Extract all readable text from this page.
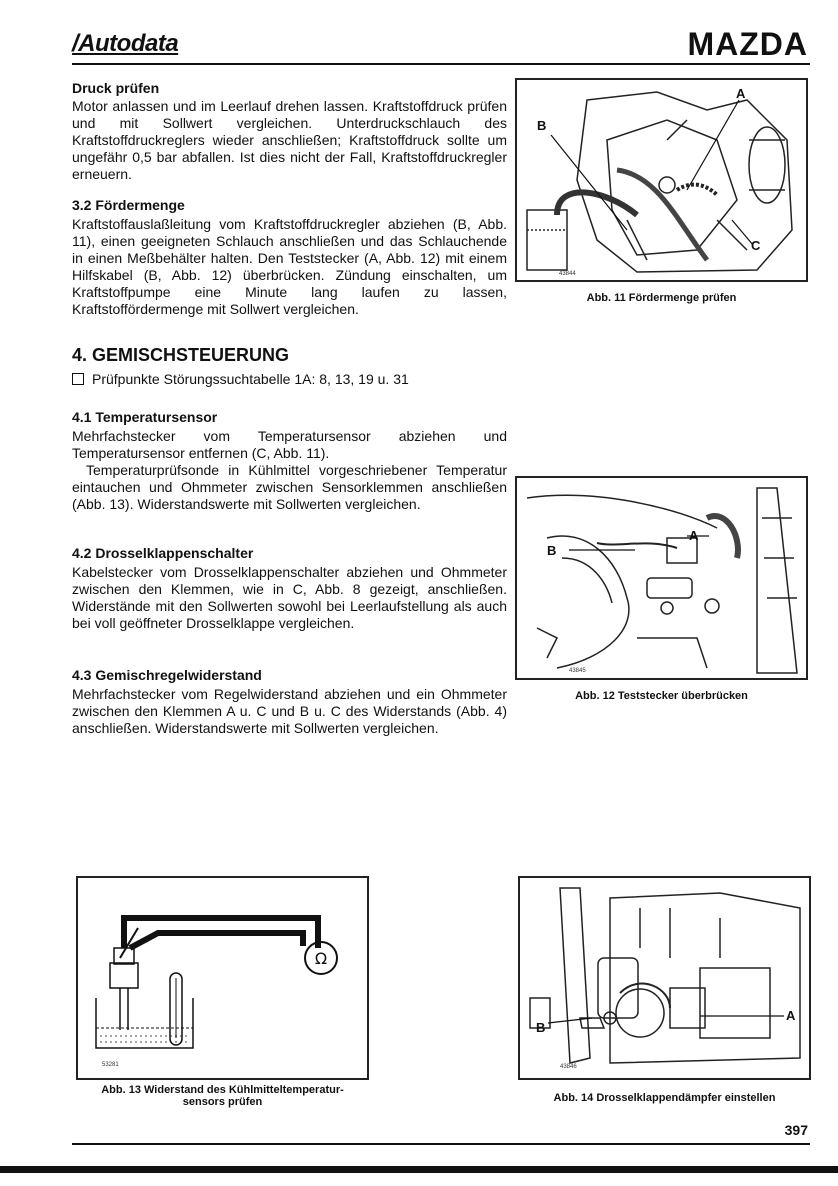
/Autodata	MAZDA

Druck prüfen

Motor anlassen und im Leerlauf drehen lassen. Kraftstoffdruck prüfen und mit Sollwert vergleichen. Unterdruckschlauch des Kraftstoffdruckreglers wieder anschließen; Kraftstoffdruck sollte um ungefähr 0,5 bar abfallen. Ist dies nicht der Fall, Kraftstoffdruckregler erneuern.

3.2 Fördermenge

Kraftstoffauslaßleitung vom Kraftstoffdruckregler abziehen (B, Abb. 11), einen geeigneten Schlauch anschließen und das Schlauchende in einen Meßbehälter halten. Den Teststecker (A, Abb. 12) mit einem Hilfskabel (B, Abb. 12) überbrücken. Zündung einschalten, um Kraftstoffpumpe eine Minute lang laufen zu lassen, Kraftstoffördermenge mit Sollwert vergleichen.

4. GEMISCHSTEUERUNG

Prüfpunkte Störungssuchtabelle 1A: 8, 13, 19 u. 31

4.1 Temperatursensor

Mehrfachstecker vom Temperatursensor abziehen und Temperatursensor entfernen (C, Abb. 11).

Temperaturprüfsonde in Kühlmittel vorgeschriebener Temperatur eintauchen und Ohmmeter zwischen Sensorklemmen anschließen (Abb. 13). Widerstandswerte mit Sollwerten vergleichen.

4.2 Drosselklappenschalter

Kabelstecker vom Drosselklappenschalter abziehen und Ohmmeter zwischen den Klemmen, wie in C, Abb. 8 gezeigt, anschließen. Widerstände mit den Sollwerten sowohl bei Leerlaufstellung als auch bei voll geöffneter Drosselklappe vergleichen.

4.3 Gemischregelwiderstand

Mehrfachstecker vom Regelwiderstand abziehen und ein Ohmmeter zwischen den Klemmen A u. C und B u. C des Widerstands (Abb. 4) anschließen. Widerstandswerte mit Sollwerten vergleichen.

A
B
C
43844
Abb. 11 Fördermenge prüfen
B
A
43845
Abb. 12 Teststecker überbrücken
Ω
53281
Abb. 13 Widerstand des Kühlmitteltemperatur-
sensors prüfen
A
B
43846
Abb. 14 Drosselklappendämpfer einstellen
397
